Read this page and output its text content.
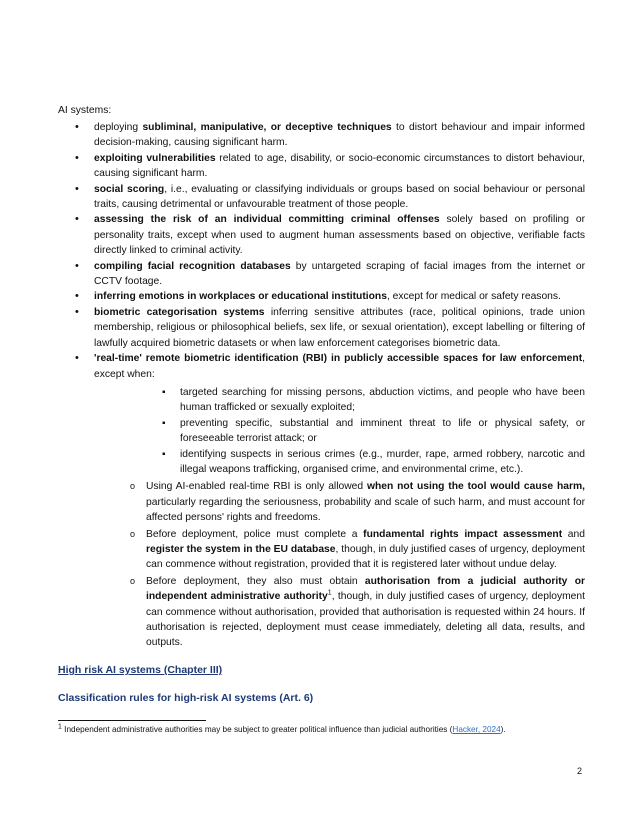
AI systems:
• deploying subliminal, manipulative, or deceptive techniques to distort behaviour and impair informed decision-making, causing significant harm.
• exploiting vulnerabilities related to age, disability, or socio-economic circumstances to distort behaviour, causing significant harm.
• social scoring, i.e., evaluating or classifying individuals or groups based on social behaviour or personal traits, causing detrimental or unfavourable treatment of those people.
• assessing the risk of an individual committing criminal offenses solely based on profiling or personality traits, except when used to augment human assessments based on objective, verifiable facts directly linked to criminal activity.
• compiling facial recognition databases by untargeted scraping of facial images from the internet or CCTV footage.
• inferring emotions in workplaces or educational institutions, except for medical or safety reasons.
• biometric categorisation systems inferring sensitive attributes (race, political opinions, trade union membership, religious or philosophical beliefs, sex life, or sexual orientation), except labelling or filtering of lawfully acquired biometric datasets or when law enforcement categorises biometric data.
• 'real-time' remote biometric identification (RBI) in publicly accessible spaces for law enforcement, except when:
▪ targeted searching for missing persons, abduction victims, and people who have been human trafficked or sexually exploited;
▪ preventing specific, substantial and imminent threat to life or physical safety, or foreseeable terrorist attack; or
▪ identifying suspects in serious crimes (e.g., murder, rape, armed robbery, narcotic and illegal weapons trafficking, organised crime, and environmental crime, etc.).
o Using AI-enabled real-time RBI is only allowed when not using the tool would cause harm, particularly regarding the seriousness, probability and scale of such harm, and must account for affected persons' rights and freedoms.
o Before deployment, police must complete a fundamental rights impact assessment and register the system in the EU database, though, in duly justified cases of urgency, deployment can commence without registration, provided that it is registered later without undue delay.
o Before deployment, they also must obtain authorisation from a judicial authority or independent administrative authority$^1$, though, in duly justified cases of urgency, deployment can commence without authorisation, provided that authorisation is requested within 24 hours. If authorisation is rejected, deployment must cease immediately, deleting all data, results, and outputs.
High risk AI systems (Chapter III)
Classification rules for high-risk AI systems (Art. 6)
$^1$ Independent administrative authorities may be subject to greater political influence than judicial authorities (Hacker, 2024).
2
